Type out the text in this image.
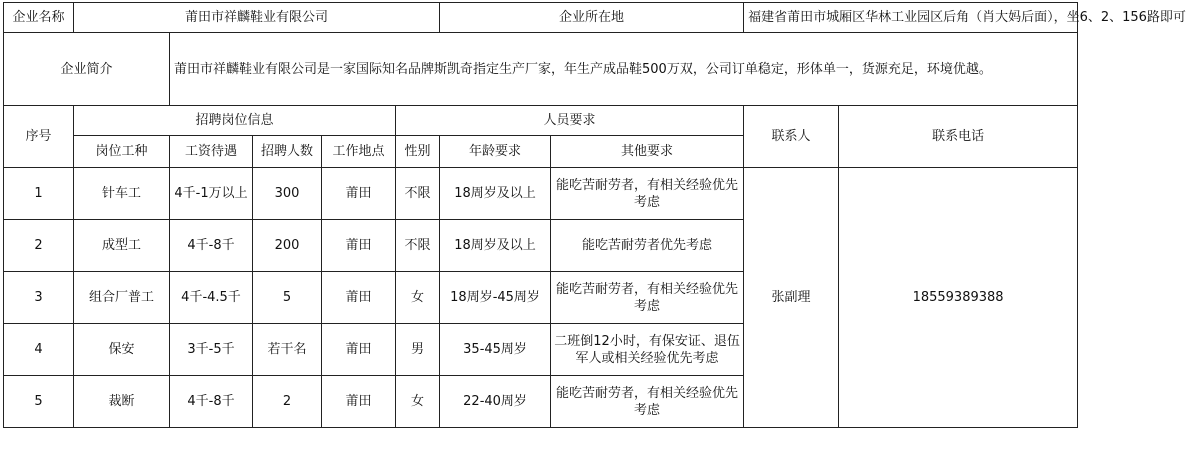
企业名称	莆田市祥麟鞋业有限公司					企业所在地		福建省莆田市城厢区华林工业园区后角（肖大妈后面），坐6、2、156路即可	
企业简介		莆田市祥麟鞋业有限公司是一家国际知名品牌斯凯奇指定生产厂家，年生产成品鞋500万双，公司订单稳定，形体单一，货源充足，环境优越。							
序号	招聘岗位信息				人员要求			联系人	联系电话
	岗位工种	工资待遇	招聘人数	工作地点	性别	年龄要求	其他要求		
1	针车工	4千-1万以上	300	莆田	不限	18周岁及以上	能吃苦耐劳者，有相关经验优先考虑	张副理	18559389388
2	成型工	4千-8千	200	莆田	不限	18周岁及以上	能吃苦耐劳者优先考虑		
3	组合厂普工	4千-4.5千	5	莆田	女	18周岁-45周岁	能吃苦耐劳者，有相关经验优先考虑		
4	保安	3千-5千	若干名	莆田	男	35-45周岁	二班倒12小时，有保安证、退伍军人或相关经验优先考虑		
5	裁断	4千-8千	2	莆田	女	22-40周岁	能吃苦耐劳者，有相关经验优先考虑		
